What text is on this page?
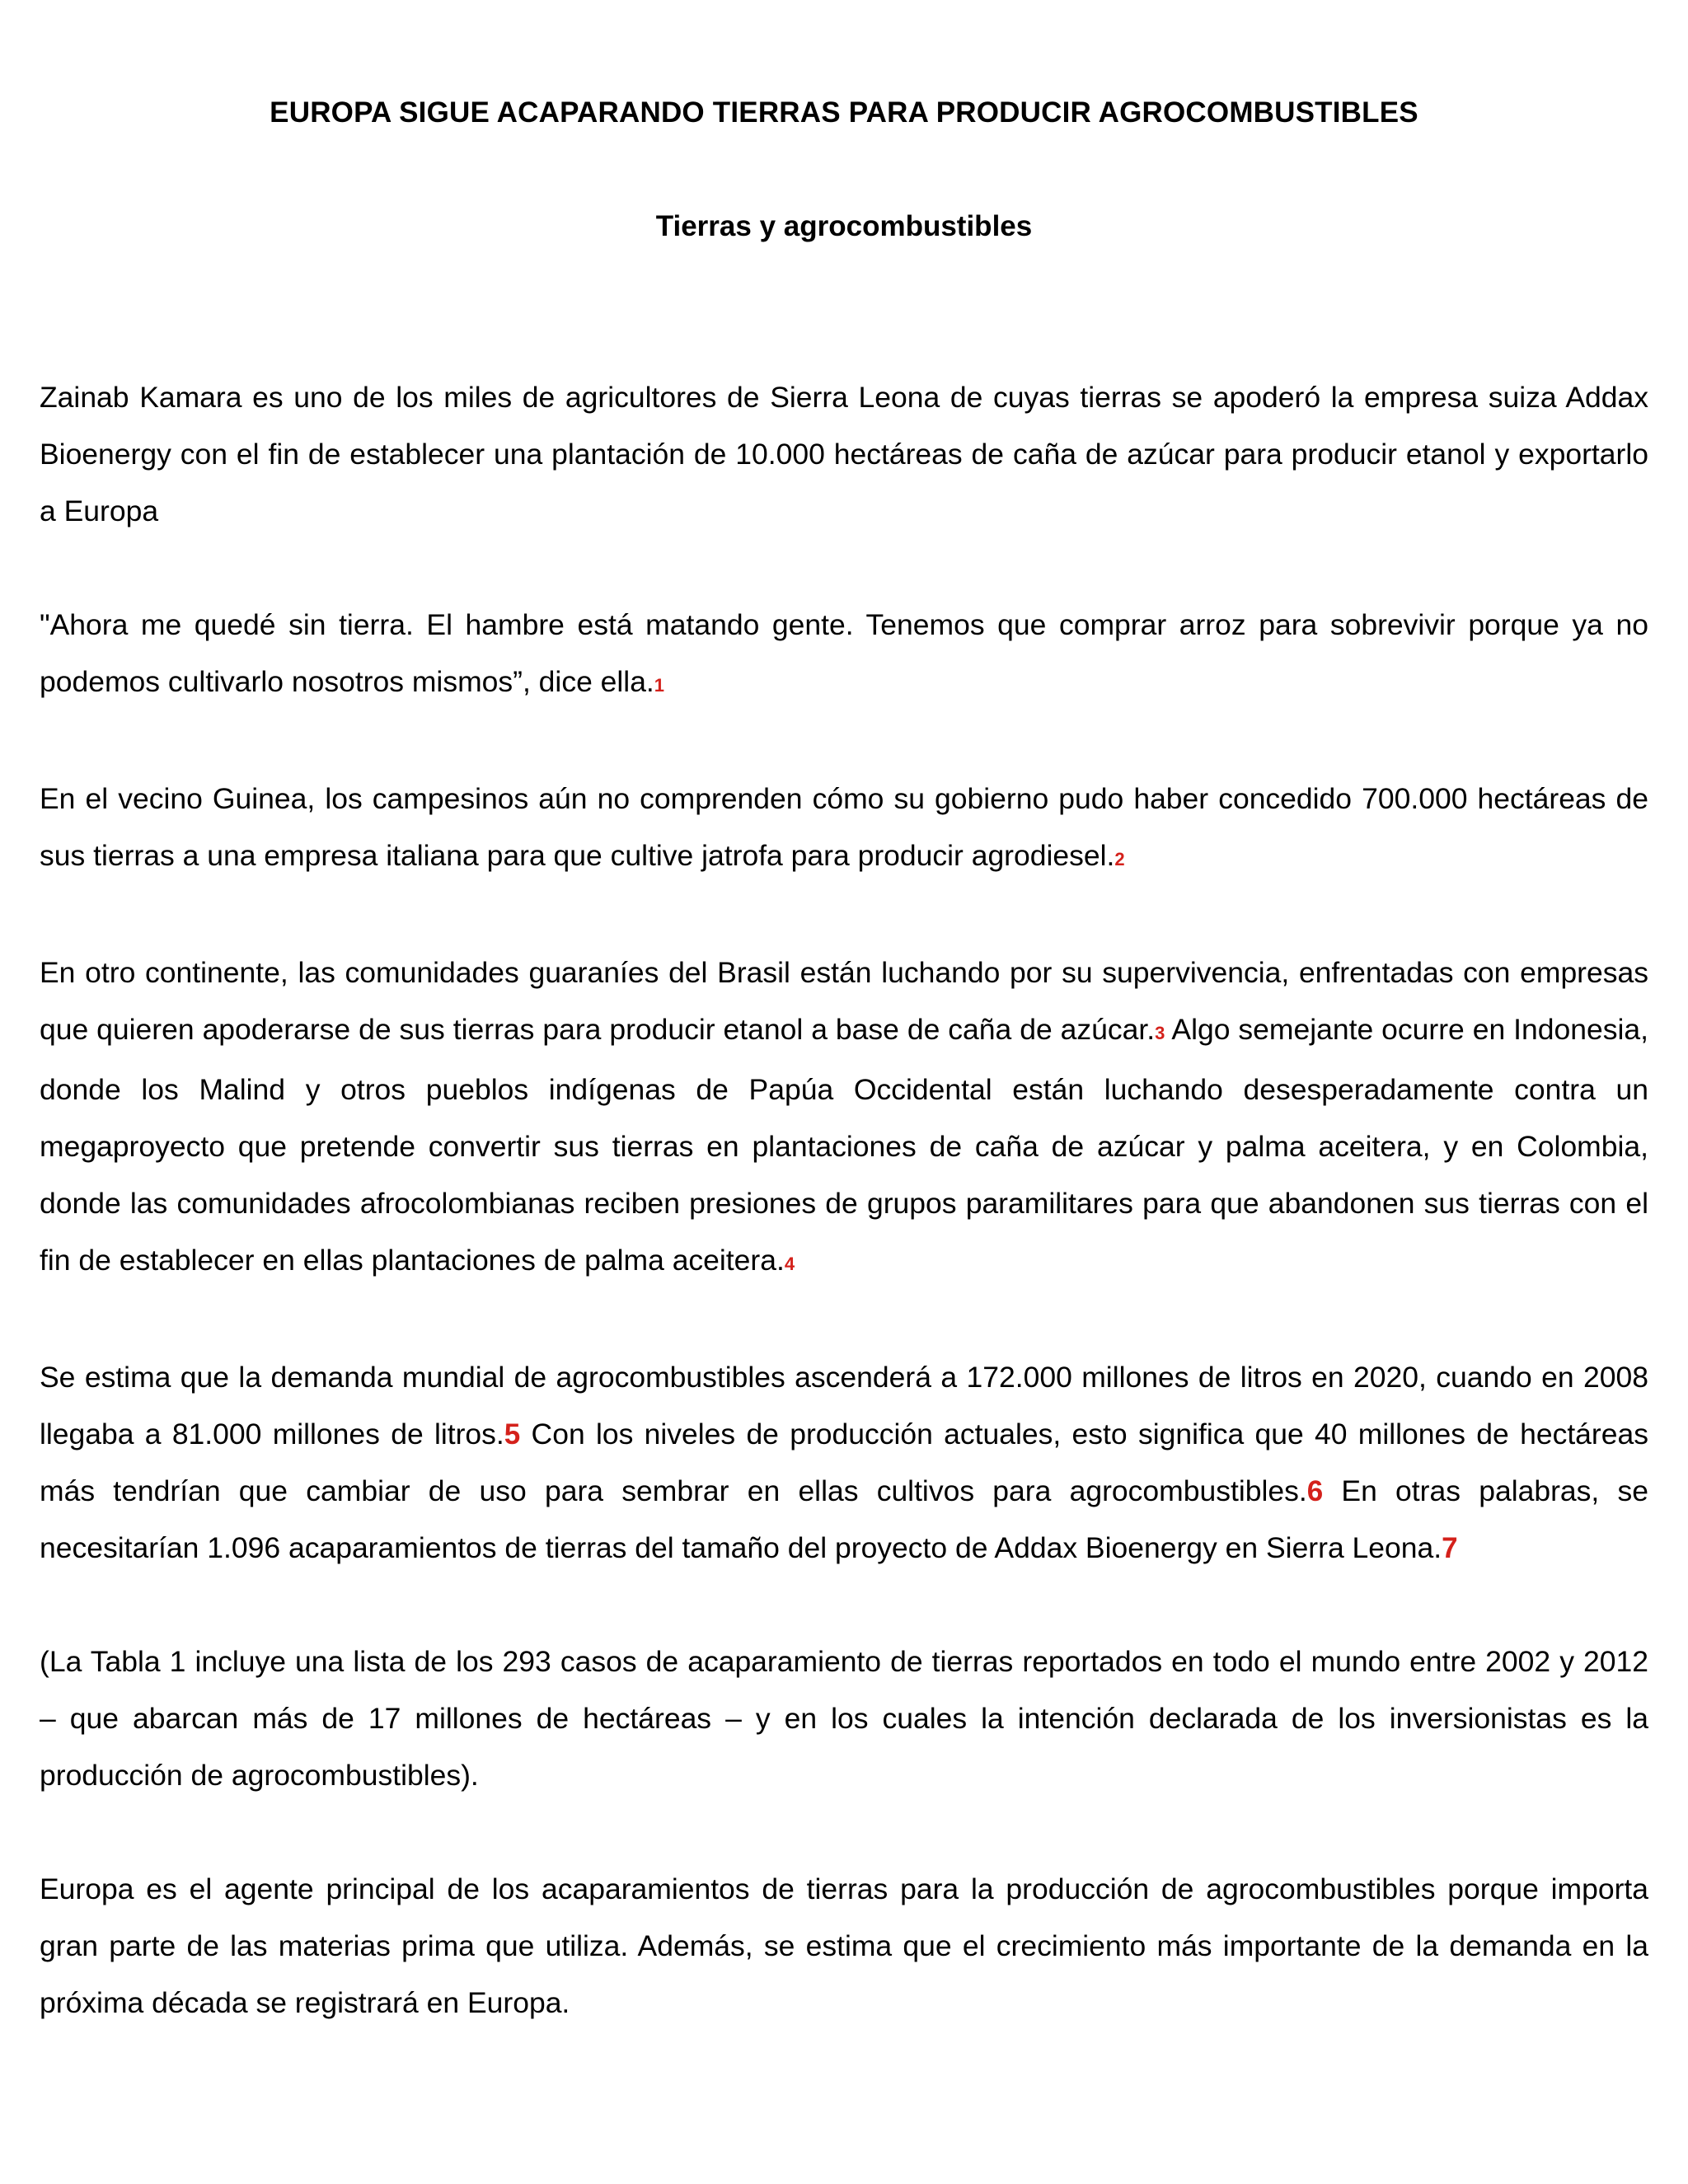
EUROPA SIGUE ACAPARANDO TIERRAS PARA PRODUCIR AGROCOMBUSTIBLES
Tierras y agrocombustibles

Zainab Kamara es uno de los miles de agricultores de Sierra Leona de cuyas tierras se apoderó la empresa suiza Addax Bioenergy con el fin de establecer una plantación de 10.000 hectáreas de caña de azúcar para producir etanol y exportarlo a Europa

"Ahora me quedé sin tierra. El hambre está matando gente. Tenemos que comprar arroz para sobrevivir porque ya no podemos cultivarlo nosotros mismos”, dice ella.1

En el vecino Guinea, los campesinos aún no comprenden cómo su gobierno pudo haber concedido 700.000 hectáreas de sus tierras a una empresa italiana para que cultive jatrofa para producir agrodiesel.2

En otro continente, las comunidades guaraníes del Brasil están luchando por su supervivencia, enfrentadas con empresas que quieren apoderarse de sus tierras para producir etanol a base de caña de azúcar.3 Algo semejante ocurre en Indonesia, donde los Malind y otros pueblos indígenas de Papúa Occidental están luchando desesperadamente contra un megaproyecto que pretende convertir sus tierras en plantaciones de caña de azúcar y palma aceitera, y en Colombia, donde las comunidades afrocolombianas reciben presiones de grupos paramilitares para que abandonen sus tierras con el fin de establecer en ellas plantaciones de palma aceitera.4

Se estima que la demanda mundial de agrocombustibles ascenderá a 172.000 millones de litros en 2020, cuando en 2008 llegaba a 81.000 millones de litros.5 Con los niveles de producción actuales, esto significa que 40 millones de hectáreas más tendrían que cambiar de uso para sembrar en ellas cultivos para agrocombustibles.6 En otras palabras, se necesitarían 1.096 acaparamientos de tierras del tamaño del proyecto de Addax Bioenergy en Sierra Leona.7

(La Tabla 1 incluye una lista de los 293 casos de acaparamiento de tierras reportados en todo el mundo entre 2002 y 2012 – que abarcan más de 17 millones de hectáreas – y en los cuales la intención declarada de los inversionistas es la producción de agrocombustibles).

Europa es el agente principal de los acaparamientos de tierras para la producción de agrocombustibles porque importa gran parte de las materias prima que utiliza. Además, se estima que el crecimiento más importante de la demanda en la próxima década se registrará en Europa.
